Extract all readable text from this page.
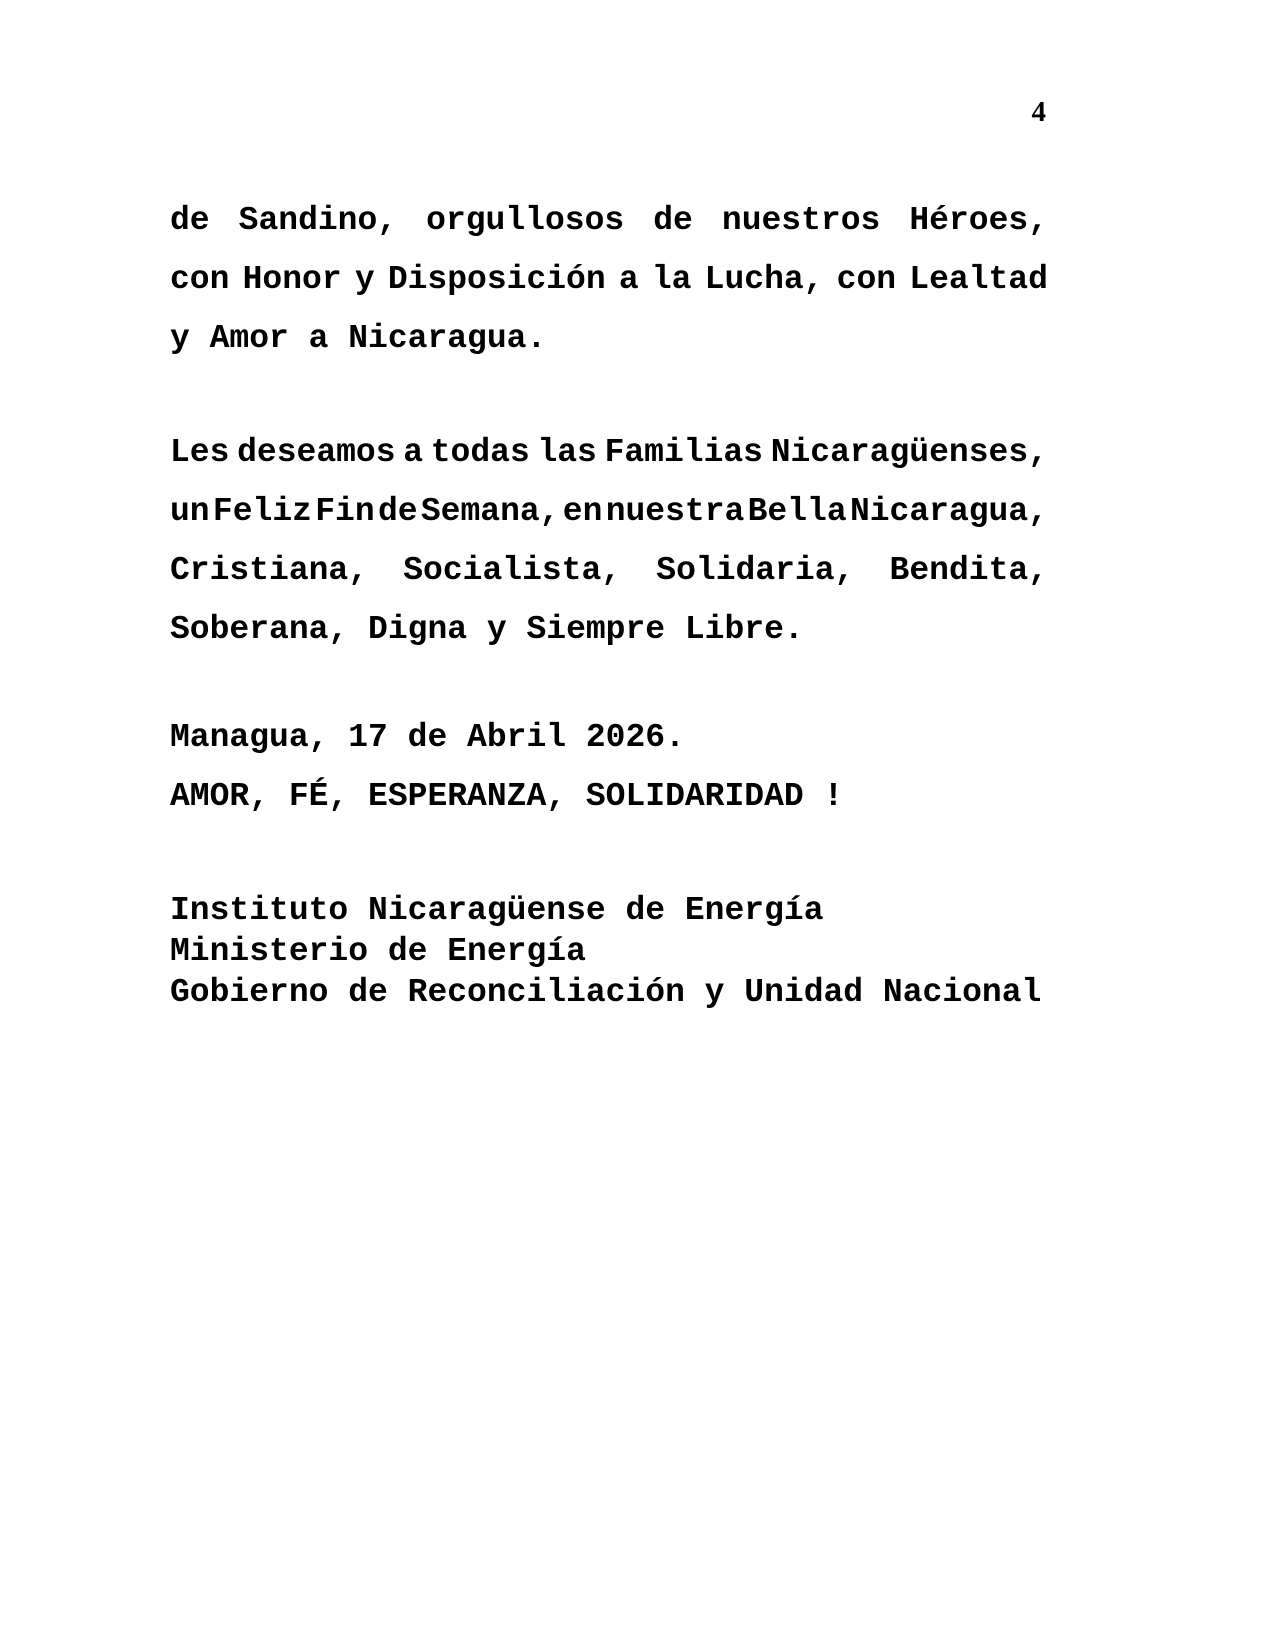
4
de Sandino, orgullosos de nuestros Héroes,
con Honor y Disposición a la Lucha, con Lealtad
y Amor a Nicaragua.
Les deseamos a todas las Familias Nicaragüenses,
un Feliz Fin de Semana, en nuestra Bella Nicaragua,
Cristiana, Socialista, Solidaria, Bendita,
Soberana, Digna y Siempre Libre.
Managua, 17 de Abril 2026.
AMOR, FÉ, ESPERANZA, SOLIDARIDAD !
Instituto Nicaragüense de Energía
Ministerio de Energía
Gobierno de Reconciliación y Unidad Nacional
